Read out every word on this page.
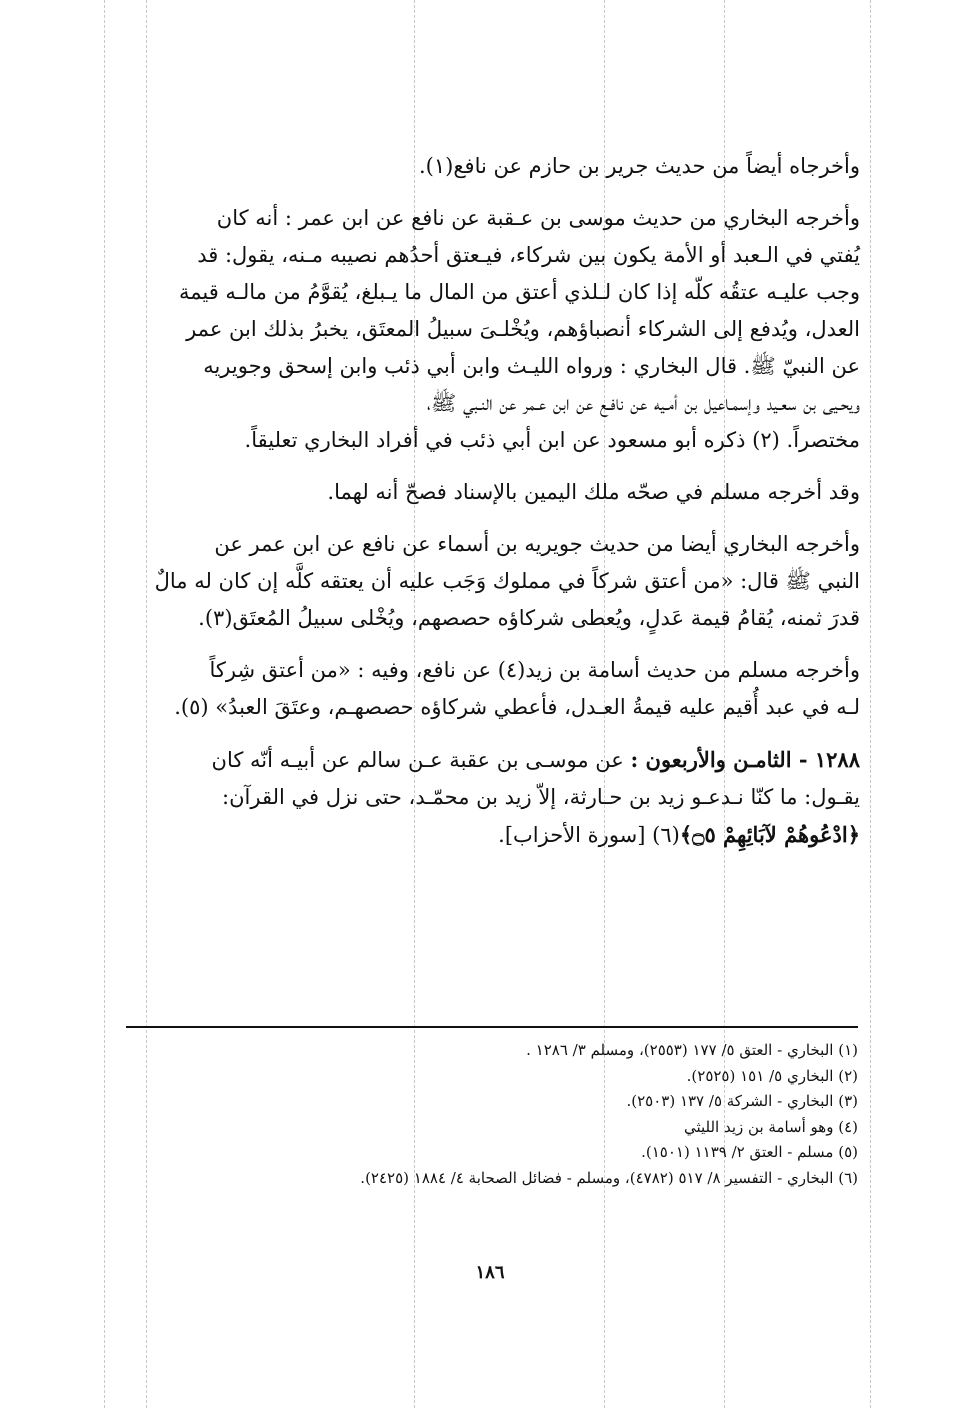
وأخرجاه أيضاً من حديث جرير بن حازم عن نافع(١).

وأخرجه البخاري من حديث موسى بن عـقبة عن نافع عن ابن عمر : أنه كان
يُفتي في الـعبد أو الأمة يكون بين شركاء، فيـعتق أحدُهم نصيبه مـنه، يقول: قد
وجب عليـه عتقُه كلّه إذا كان لـلذي أعتق من المال ما يـبلغ، يُقوَّمُ من مالـه قيمة
العدل، ويُدفع إلى الشركاء أنصباؤهم، ويُخْلـىَ سبيلُ المعتَق، يخبرُ بذلك ابن عمر
عن النبيّ ﷺ. قال البخاري : ورواه الليـث وابن أبي ذئب وابن إسحق وجويريه
ويحـيى بن سعـيد وإسمـاعيل بن أمـيه عن نافـع عن ابن عـمر عن النـبي ﷺ،
مختصراً. (٢) ذكره أبو مسعود عن ابن أبي ذئب في أفراد البخاري تعليقاً.

وقد أخرجه مسلم في صحّه ملك اليمين بالإسناد فصحّ أنه لهما.

وأخرجه البخاري أيضا من حديث جويريه بن أسماء عن نافع عن ابن عمر عن
النبي ﷺ قال: «من أعتق شركاً في مملوك وَجَب عليه أن يعتقه كلَّه إن كان له مالٌ
قدرَ ثمنه، يُقامُ قيمة عَدلٍ، ويُعطى شركاؤه حصصهم، ويُخْلى سبيلُ المُعتَق(٣).

وأخرجه مسلم من حديث أسامة بن زيد(٤) عن نافع، وفيه : «من أعتق شِركاً
لـه في عبد أُقيم عليه قيمةُ العـدل، فأعطي شركاؤه حصصهـم، وعتَقَ العبدُ» (٥).

١٢٨٨ - الثامـن والأربعون : عن موسـى بن عقبة عـن سالم عن أبيـه أنّه كان
يقـول: ما كنّا نـدعـو زيد بن حـارثة، إلاّ زيد بن محمّـد، حتى نزل في القرآن:
﴿ادْعُوهُمْ لآبَائِهِمْ ۝٥﴾(٦) [سورة الأحزاب].

(١) البخاري - العتق ٥/ ١٧٧ (٢٥٥٣)، ومسلم ٣/ ١٢٨٦ .
(٢) البخاري ٥/ ١٥١ (٢٥٢٥).
(٣) البخاري - الشركة ٥/ ١٣٧ (٢٥٠٣).
(٤) وهو أسامة بن زيد الليثي
(٥) مسلم - العتق ٢/ ١١٣٩ (١٥٠١).
(٦) البخاري - التفسير ٨/ ٥١٧ (٤٧٨٢)، ومسلم - فضائل الصحابة ٤/ ١٨٨٤ (٢٤٢٥).
١٨٦
